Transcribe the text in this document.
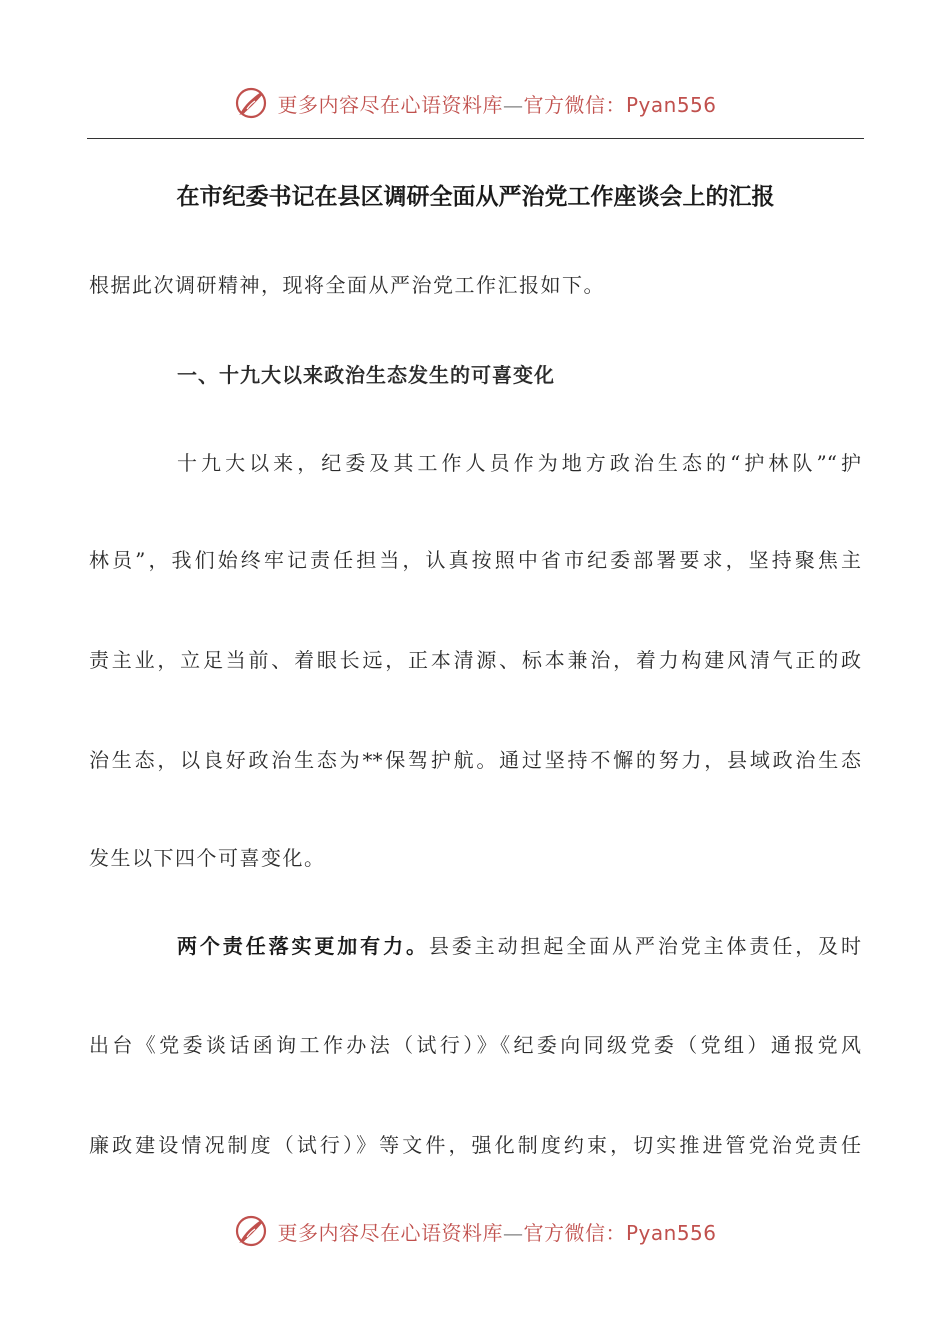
更多内容尽在心语资料库—官方微信：Pyan556
在市纪委书记在县区调研全面从严治党工作座谈会上的汇报
根据此次调研精神，现将全面从严治党工作汇报如下。
一、十九大以来政治生态发生的可喜变化
十九大以来，纪委及其工作人员作为地方政治生态的“护林队”“护
林员”，我们始终牢记责任担当，认真按照中省市纪委部署要求，坚持聚焦主
责主业，立足当前、着眼长远，正本清源、标本兼治，着力构建风清气正的政
治生态，以良好政治生态为**保驾护航。通过坚持不懈的努力，县域政治生态
发生以下四个可喜变化。
两个责任落实更加有力。县委主动担起全面从严治党主体责任，及时
出台《党委谈话函询工作办法（试行）》《纪委向同级党委（党组）通报党风
廉政建设情况制度（试行）》等文件，强化制度约束，切实推进管党治党责任
更多内容尽在心语资料库—官方微信：Pyan556
